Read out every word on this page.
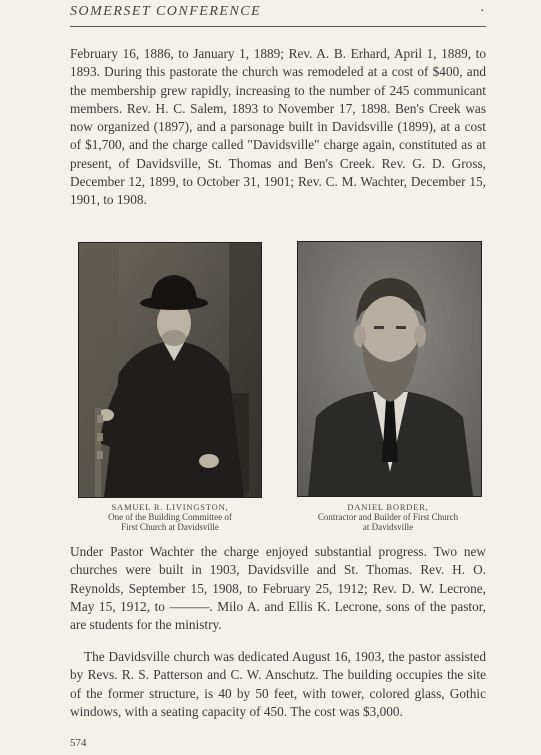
SOMERSET CONFERENCE	·

February 16, 1886, to January 1, 1889; Rev. A. B. Erhard, April 1, 1889, to 1893. During this pastorate the church was remodeled at a cost of $400, and the membership grew rapidly, increasing to the number of 245 communicant members. Rev. H. C. Salem, 1893 to November 17, 1898. Ben's Creek was now organized (1897), and a parsonage built in Davidsville (1899), at a cost of $1,700, and the charge called "Davidsville" charge again, constituted as at present, of Davidsville, St. Thomas and Ben's Creek. Rev. G. D. Gross, December 12, 1899, to October 31, 1901; Rev. C. M. Wachter, December 15, 1901, to 1908.

SAMUEL R. LIVINGSTON,
One of the Building Committee of
First Church at Davidsville
DANIEL BORDER,
Contractor and Builder of First Church
at Davidsville

Under Pastor Wachter the charge enjoyed substantial progress. Two new churches were built in 1903, Davidsville and St. Thomas. Rev. H. O. Reynolds, September 15, 1908, to February 25, 1912; Rev. D. W. Lecrone, May 15, 1912, to ———. Milo A. and Ellis K. Lecrone, sons of the pastor, are students for the ministry.

The Davidsville church was dedicated August 16, 1903, the pastor assisted by Revs. R. S. Patterson and C. W. Anschutz. The building occupies the site of the former structure, is 40 by 50 feet, with tower, colored glass, Gothic windows, with a seating capacity of 450. The cost was $3,000.

574
